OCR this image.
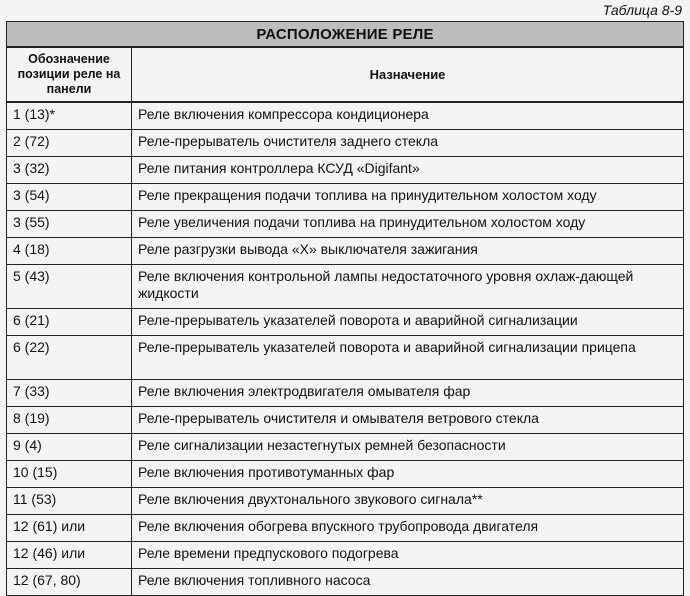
Таблица 8-9
РАСПОЛОЖЕНИЕ РЕЛЕ	
Обозначение позиции реле на панели	Назначение
1 (13)*	Реле включения компрессора кондиционера
2 (72)	Реле-прерыватель очистителя заднего стекла
3 (32)	Реле питания контроллера КСУД «Digifant»
3 (54)	Реле прекращения подачи топлива на принудительном холостом ходу
3 (55)	Реле увеличения подачи топлива на принудительном холостом ходу
4 (18)	Реле разгрузки вывода «X» выключателя зажигания
5 (43)	Реле включения контрольной лампы недостаточного уровня охлаж-дающей жидкости
6 (21)	Реле-прерыватель указателей поворота и аварийной сигнализации
6 (22)	Реле-прерыватель указателей поворота и аварийной сигнализации прицепа
7 (33)	Реле включения электродвигателя омывателя фар
8 (19)	Реле-прерыватель очистителя и омывателя ветрового стекла
9 (4)	Реле сигнализации незастегнутых ремней безопасности
10 (15)	Реле включения противотуманных фар
11 (53)	Реле включения двухтонального звукового сигнала**
12 (61) или	Реле включения обогрева впускного трубопровода двигателя
12 (46) или	Реле времени предпускового подогрева
12 (67, 80)	Реле включения топливного насоса
